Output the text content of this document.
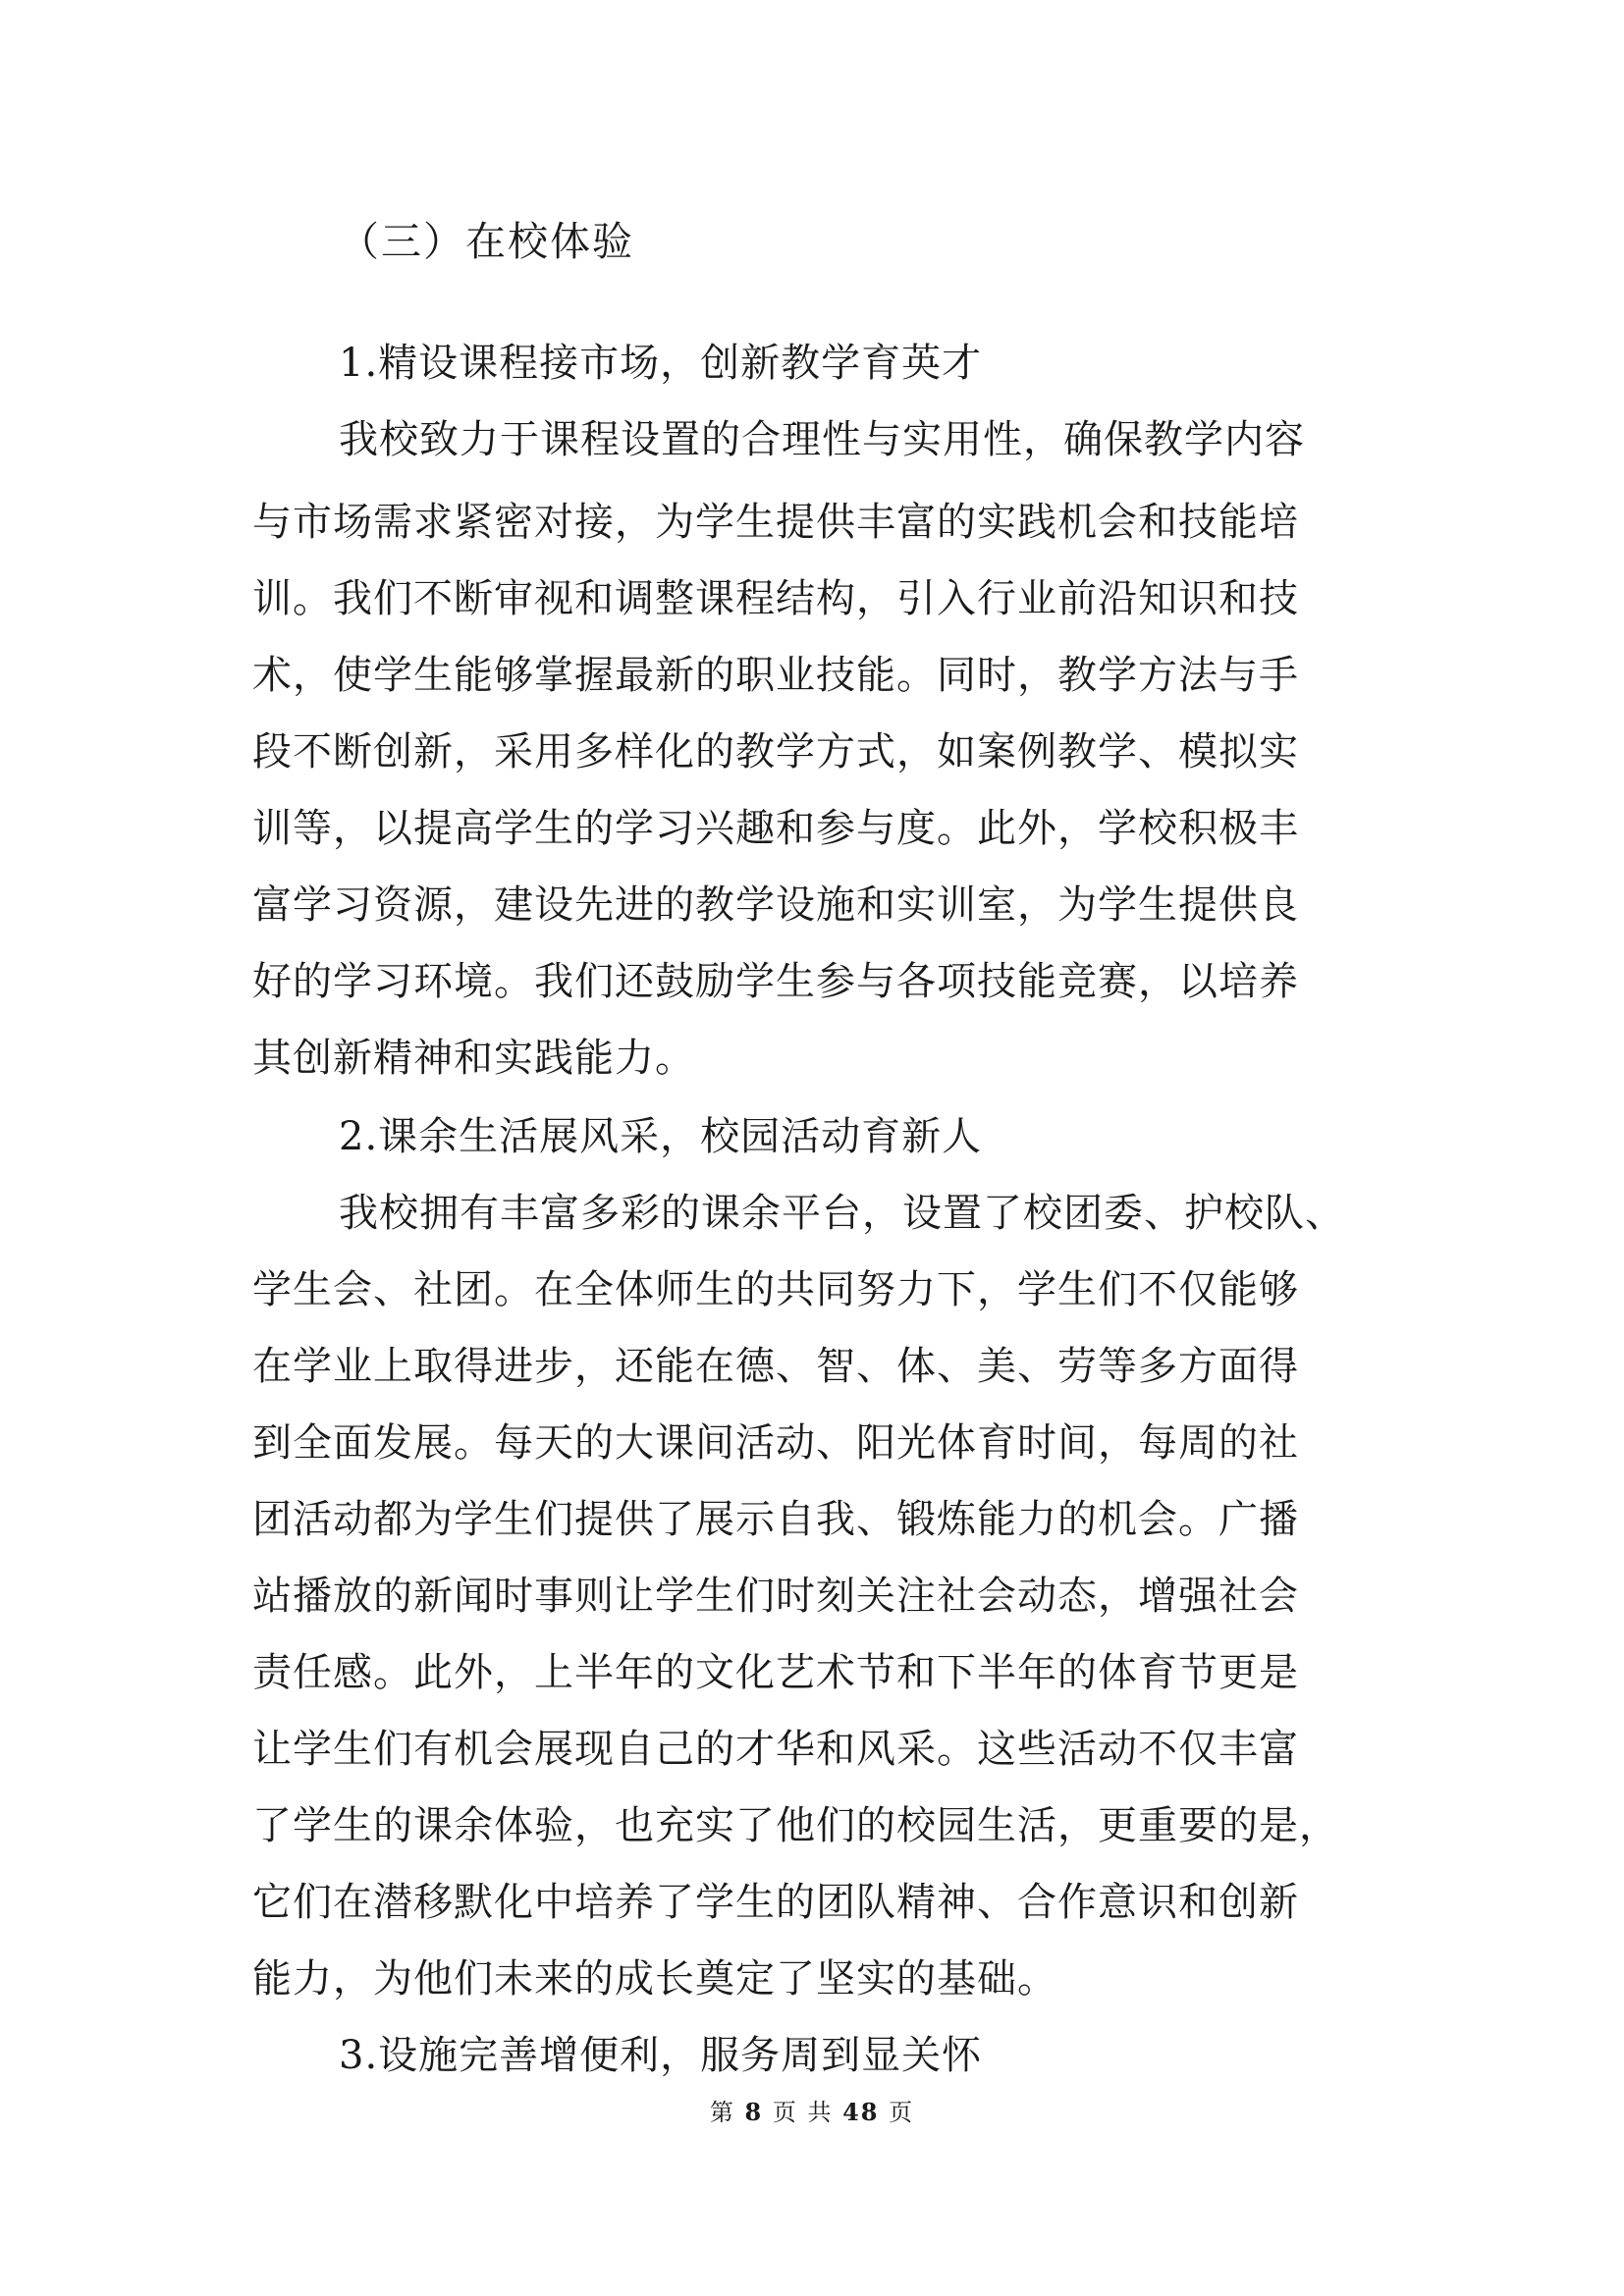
（三）在校体验
1.精设课程接市场，创新教学育英才
我校致力于课程设置的合理性与实用性，确保教学内容
与市场需求紧密对接，为学生提供丰富的实践机会和技能培
训。我们不断审视和调整课程结构，引入行业前沿知识和技
术，使学生能够掌握最新的职业技能。同时，教学方法与手
段不断创新，采用多样化的教学方式，如案例教学、模拟实
训等，以提高学生的学习兴趣和参与度。此外，学校积极丰
富学习资源，建设先进的教学设施和实训室，为学生提供良
好的学习环境。我们还鼓励学生参与各项技能竞赛，以培养
其创新精神和实践能力。
2.课余生活展风采，校园活动育新人
我校拥有丰富多彩的课余平台，设置了校团委、护校队、
学生会、社团。在全体师生的共同努力下，学生们不仅能够
在学业上取得进步，还能在德、智、体、美、劳等多方面得
到全面发展。每天的大课间活动、阳光体育时间，每周的社
团活动都为学生们提供了展示自我、锻炼能力的机会。广播
站播放的新闻时事则让学生们时刻关注社会动态，增强社会
责任感。此外，上半年的文化艺术节和下半年的体育节更是
让学生们有机会展现自己的才华和风采。这些活动不仅丰富
了学生的课余体验，也充实了他们的校园生活，更重要的是，
它们在潜移默化中培养了学生的团队精神、合作意识和创新
能力，为他们未来的成长奠定了坚实的基础。
3.设施完善增便利，服务周到显关怀
第 8 页 共 48 页
